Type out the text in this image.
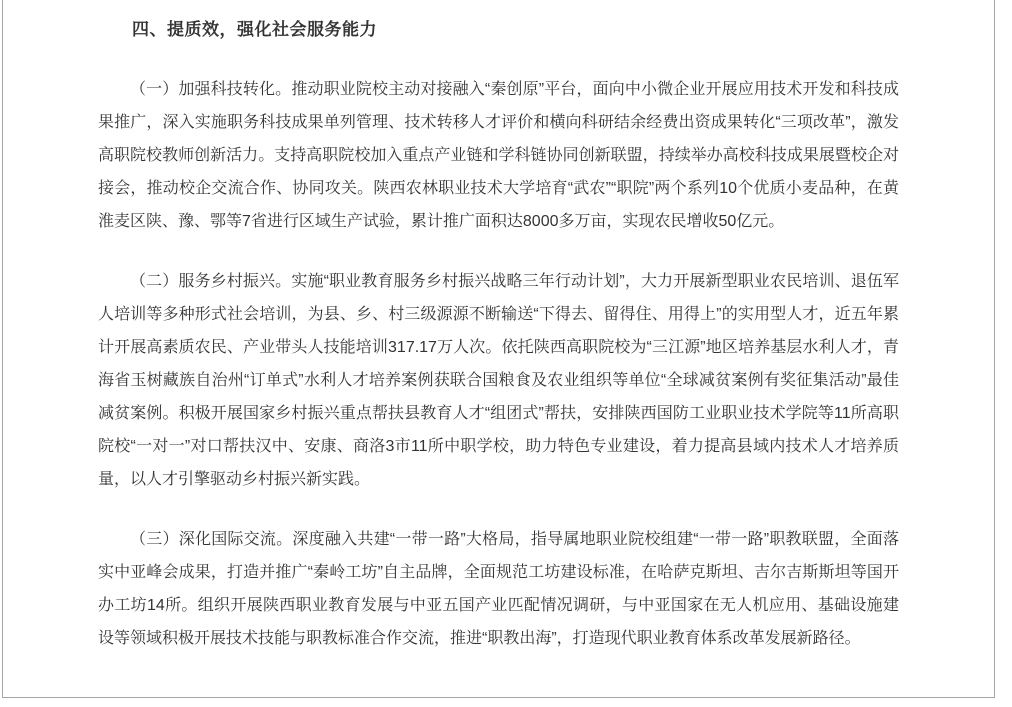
四、提质效，强化社会服务能力

（一）加强科技转化。推动职业院校主动对接融入“秦创原”平台，面向中小微企业开展应用技术开发和科技成果推广，深入实施职务科技成果单列管理、技术转移人才评价和横向科研结余经费出资成果转化“三项改革”，激发高职院校教师创新活力。支持高职院校加入重点产业链和学科链协同创新联盟，持续举办高校科技成果展暨校企对接会，推动校企交流合作、协同攻关。陕西农林职业技术大学培育“武农”“职院”两个系列10个优质小麦品种，在黄淮麦区陕、豫、鄂等7省进行区域生产试验，累计推广面积达8000多万亩，实现农民增收50亿元。

（二）服务乡村振兴。实施“职业教育服务乡村振兴战略三年行动计划”，大力开展新型职业农民培训、退伍军人培训等多种形式社会培训，为县、乡、村三级源源不断输送“下得去、留得住、用得上”的实用型人才，近五年累计开展高素质农民、产业带头人技能培训317.17万人次。依托陕西高职院校为“三江源”地区培养基层水利人才，青海省玉树藏族自治州“订单式”水利人才培养案例获联合国粮食及农业组织等单位“全球减贫案例有奖征集活动”最佳减贫案例。积极开展国家乡村振兴重点帮扶县教育人才“组团式”帮扶，安排陕西国防工业职业技术学院等11所高职院校“一对一”对口帮扶汉中、安康、商洛3市11所中职学校，助力特色专业建设，着力提高县域内技术人才培养质量，以人才引擎驱动乡村振兴新实践。

（三）深化国际交流。深度融入共建“一带一路”大格局，指导属地职业院校组建“一带一路”职教联盟，全面落实中亚峰会成果，打造并推广“秦岭工坊”自主品牌，全面规范工坊建设标准，在哈萨克斯坦、吉尔吉斯斯坦等国开办工坊14所。组织开展陕西职业教育发展与中亚五国产业匹配情况调研，与中亚国家在无人机应用、基础设施建设等领域积极开展技术技能与职教标准合作交流，推进“职教出海”，打造现代职业教育体系改革发展新路径。
